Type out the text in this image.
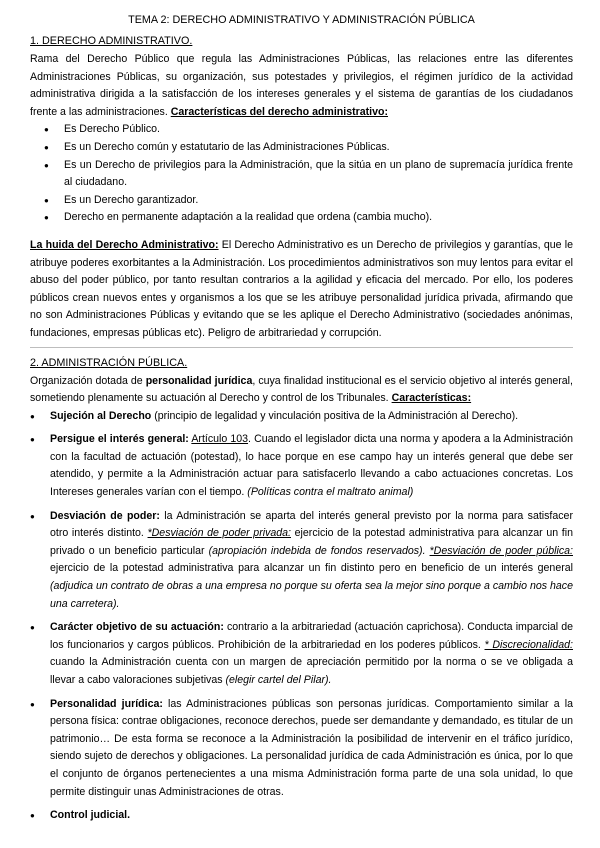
TEMA 2: DERECHO ADMINISTRATIVO Y ADMINISTRACIÓN PÚBLICA
1. DERECHO ADMINISTRATIVO.

Rama del Derecho Público que regula las Administraciones Públicas, las relaciones entre las diferentes Administraciones Públicas, su organización, sus potestades y privilegios, el régimen jurídico de la actividad administrativa dirigida a la satisfacción de los intereses generales y el sistema de garantías de los ciudadanos frente a las administraciones. Características del derecho administrativo:

● Es Derecho Público.
● Es un Derecho común y estatutario de las Administraciones Públicas.
● Es un Derecho de privilegios para la Administración, que la sitúa en un plano de supremacía jurídica frente al ciudadano.
● Es un Derecho garantizador.
● Derecho en permanente adaptación a la realidad que ordena (cambia mucho).

La huida del Derecho Administrativo: El Derecho Administrativo es un Derecho de privilegios y garantías, que le atribuye poderes exorbitantes a la Administración. Los procedimientos administrativos son muy lentos para evitar el abuso del poder público, por tanto resultan contrarios a la agilidad y eficacia del mercado. Por ello, los poderes públicos crean nuevos entes y organismos a los que se les atribuye personalidad jurídica privada, afirmando que no son Administraciones Públicas y evitando que se les aplique el Derecho Administrativo (sociedades anónimas, fundaciones, empresas públicas etc). Peligro de arbitrariedad y corrupción.

2. ADMINISTRACIÓN PÚBLICA.

Organización dotada de personalidad jurídica, cuya finalidad institucional es el servicio objetivo al interés general, sometiendo plenamente su actuación al Derecho y control de los Tribunales. Características:

● Sujeción al Derecho (principio de legalidad y vinculación positiva de la Administración al Derecho).
● Persigue el interés general: Artículo 103. Cuando el legislador dicta una norma y apodera a la Administración con la facultad de actuación (potestad), lo hace porque en ese campo hay un interés general que debe ser atendido, y permite a la Administración actuar para satisfacerlo llevando a cabo actuaciones concretas. Los Intereses generales varían con el tiempo. (Políticas contra el maltrato animal)
● Desviación de poder: la Administración se aparta del interés general previsto por la norma para satisfacer otro interés distinto. *Desviación de poder privada: ejercicio de la potestad administrativa para alcanzar un fin privado o un beneficio particular (apropiación indebida de fondos reservados). *Desviación de poder pública: ejercicio de la potestad administrativa para alcanzar un fin distinto pero en beneficio de un interés general (adjudica un contrato de obras a una empresa no porque su oferta sea la mejor sino porque a cambio nos hace una carretera).
● Carácter objetivo de su actuación: contrario a la arbitrariedad (actuación caprichosa). Conducta imparcial de los funcionarios y cargos públicos. Prohibición de la arbitrariedad en los poderes públicos. * Discrecionalidad: cuando la Administración cuenta con un margen de apreciación permitido por la norma o se ve obligada a llevar a cabo valoraciones subjetivas (elegir cartel del Pilar).
● Personalidad jurídica: las Administraciones públicas son personas jurídicas. Comportamiento similar a la persona física: contrae obligaciones, reconoce derechos, puede ser demandante y demandado, es titular de un patrimonio… De esta forma se reconoce a la Administración la posibilidad de intervenir en el tráfico jurídico, siendo sujeto de derechos y obligaciones. La personalidad jurídica de cada Administración es única, por lo que el conjunto de órganos pertenecientes a una misma Administración forma parte de una sola unidad, lo que permite distinguir unas Administraciones de otras.
● Control judicial.
